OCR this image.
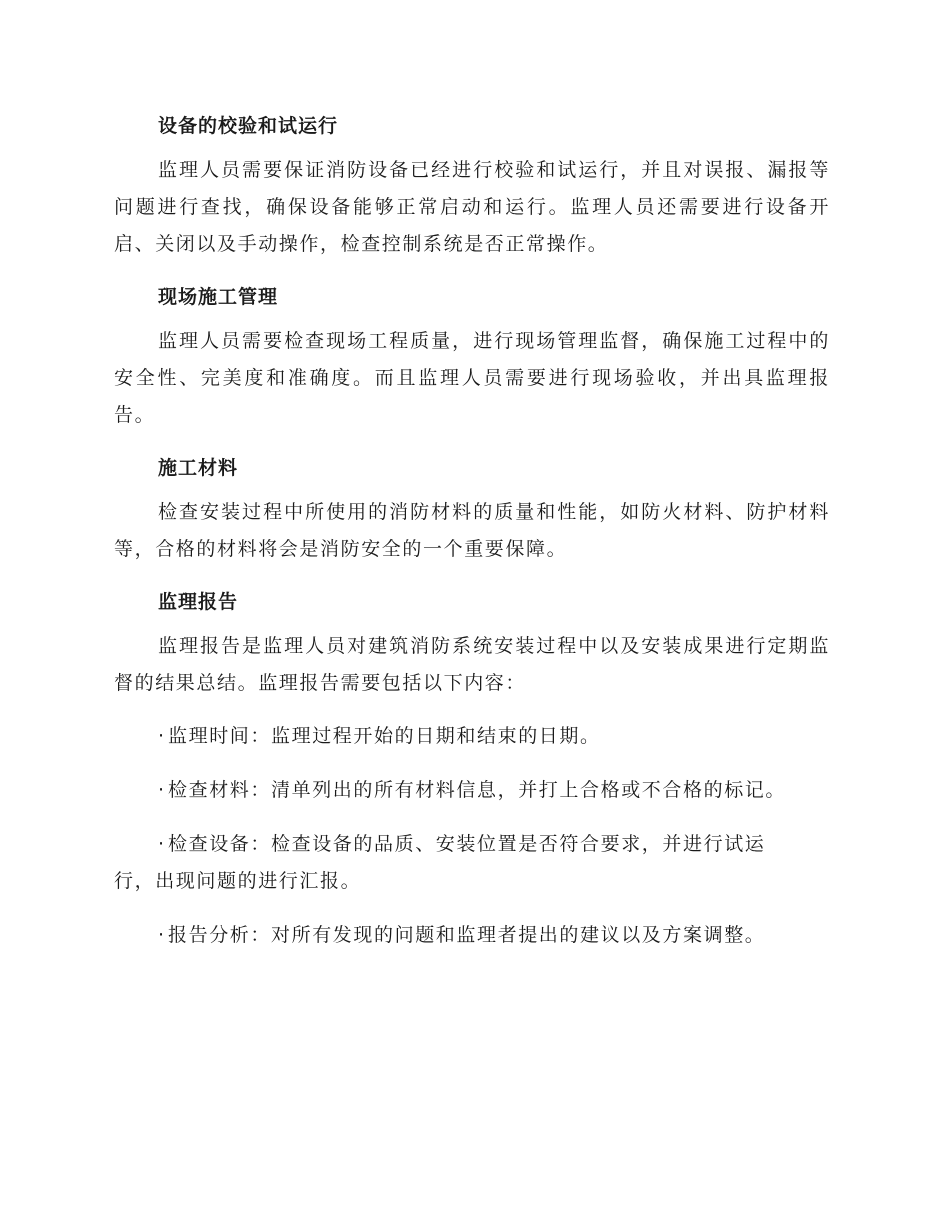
设备的校验和试运行

监理人员需要保证消防设备已经进行校验和试运行，并且对误报、漏报等问题进行查找，确保设备能够正常启动和运行。监理人员还需要进行设备开启、关闭以及手动操作，检查控制系统是否正常操作。

现场施工管理

监理人员需要检查现场工程质量，进行现场管理监督，确保施工过程中的安全性、完美度和准确度。而且监理人员需要进行现场验收，并出具监理报告。

施工材料

检查安装过程中所使用的消防材料的质量和性能，如防火材料、防护材料等，合格的材料将会是消防安全的一个重要保障。

监理报告

监理报告是监理人员对建筑消防系统安装过程中以及安装成果进行定期监督的结果总结。监理报告需要包括以下内容：

· 监理时间：监理过程开始的日期和结束的日期。

· 检查材料：清单列出的所有材料信息，并打上合格或不合格的标记。

· 检查设备：检查设备的品质、安装位置是否符合要求，并进行试运行，出现问题的进行汇报。

· 报告分析：对所有发现的问题和监理者提出的建议以及方案调整。
